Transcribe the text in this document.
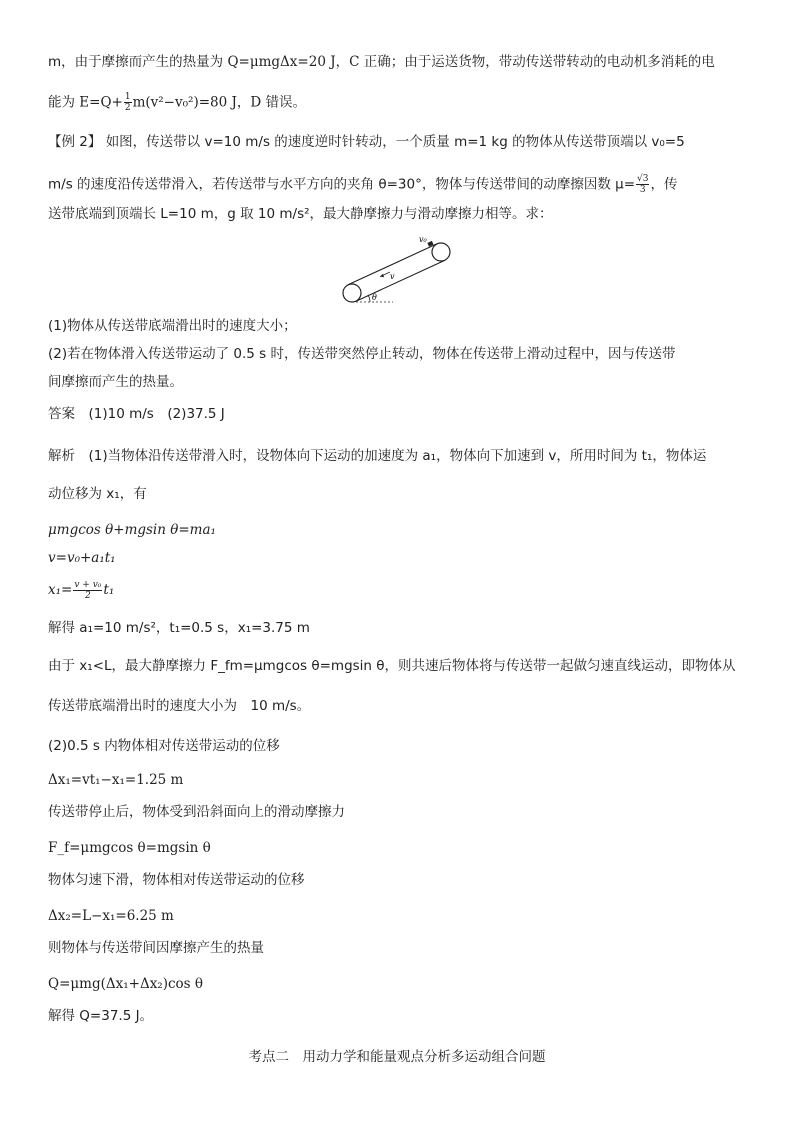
m，由于摩擦而产生的热量为 Q=μmgΔx=20 J，C 正确；由于运送货物，带动传送带转动的电动机多消耗的电
能为 $E=Q+ \frac{1}{2} m(v^2-v_0^2)=80$ J，D 错误。
【例 2】 如图，传送带以 v=10 m/s 的速度逆时针转动，一个质量 m=1 kg 的物体从传送带顶端以 v₀=5
m/s 的速度沿传送带滑入，若传送带与水平方向的夹角 θ=30°，物体与传送带间的动摩擦因数 $\mu= \frac{√3}{3}$ ，传
送带底端到顶端长 L=10 m，g 取 10 m/s²，最大静摩擦力与滑动摩擦力相等。求：
v₀
v
θ
(1)物体从传送带底端滑出时的速度大小；
(2)若在物体滑入传送带运动了 0.5 s 时，传送带突然停止转动，物体在传送带上滑动过程中，因与传送带
间摩擦而产生的热量。
答案　(1)10 m/s　(2)37.5 J
解析　(1)当物体沿传送带滑入时，设物体向下运动的加速度为 a₁，物体向下加速到 v，所用时间为 t₁，物体运
动位移为 x₁，有
μmgcos θ+mgsin θ=ma₁
v=v₀+a₁t₁
$x_1= \frac{\text{v + v₀}}{2} t_1$
解得 a₁=10 m/s²，t₁=0.5 s，x₁=3.75 m
由于 x₁<L，最大静摩擦力 F_fm=μmgcos θ=mgsin θ，则共速后物体将与传送带一起做匀速直线运动，即物体从
传送带底端滑出时的速度大小为　10 m/s。
(2)0.5 s 内物体相对传送带运动的位移
Δx₁=vt₁−x₁=1.25 m
传送带停止后，物体受到沿斜面向上的滑动摩擦力
F_f=μmgcos θ=mgsin θ
物体匀速下滑，物体相对传送带运动的位移
Δx₂=L−x₁=6.25 m
则物体与传送带间因摩擦产生的热量
Q=μmg(Δx₁+Δx₂)cos θ
解得 Q=37.5 J。
考点二　用动力学和能量观点分析多运动组合问题
